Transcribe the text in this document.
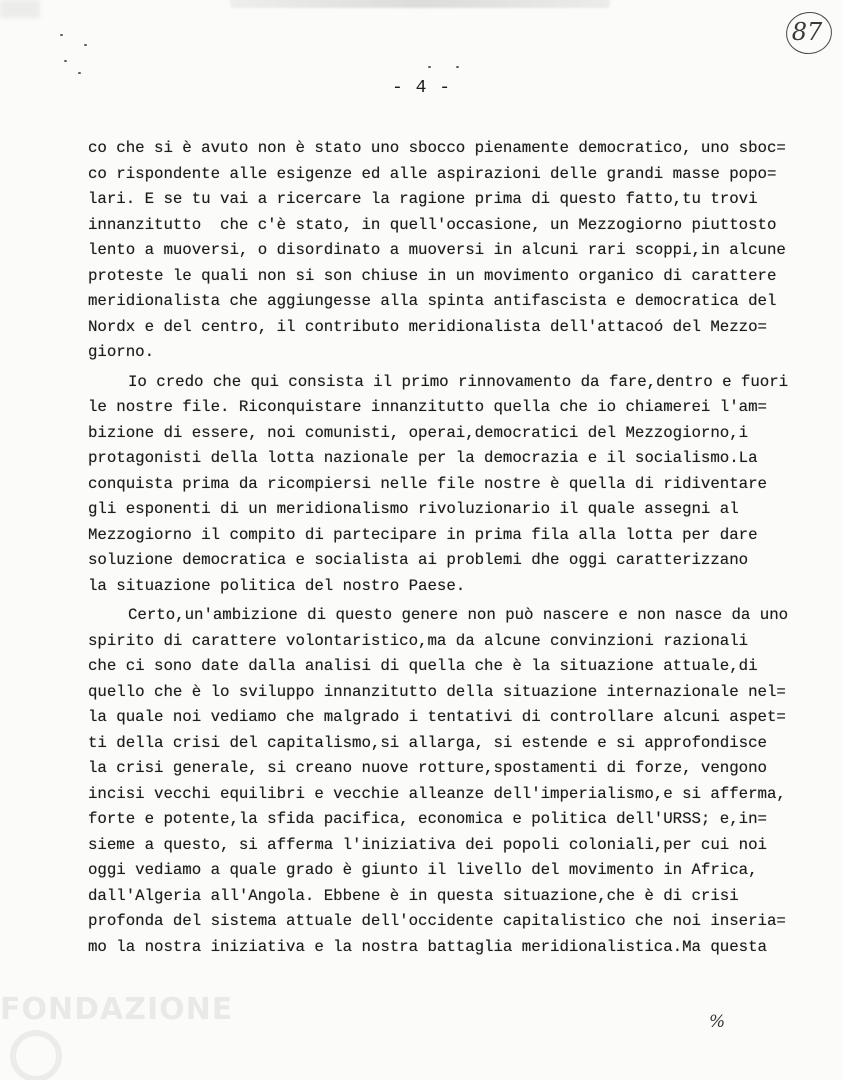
87
- 4 -
co che si è avuto non è stato uno sbocco pienamente democratico, uno sboc=
co rispondente alle esigenze ed alle aspirazioni delle grandi masse popo=
lari. E se tu vai a ricercare la ragione prima di questo fatto,tu trovi
innanzitutto  che c'è stato, in quell'occasione, un Mezzogiorno piuttosto
lento a muoversi, o disordinato a muoversi in alcuni rari scoppi,in alcune
proteste le quali non si son chiuse in un movimento organico di carattere
meridionalista che aggiungesse alla spinta antifascista e democratica del
Nordx e del centro, il contributo meridionalista dell'attacoó del Mezzo=
giorno.
Io credo che qui consista il primo rinnovamento da fare,dentro e fuori
le nostre file. Riconquistare innanzitutto quella che io chiamerei l'am=
bizione di essere, noi comunisti, operai,democratici del Mezzogiorno,i
protagonisti della lotta nazionale per la democrazia e il socialismo.La
conquista prima da ricompiersi nelle file nostre è quella di ridiventare
gli esponenti di un meridionalismo rivoluzionario il quale assegni al
Mezzogiorno il compito di partecipare in prima fila alla lotta per dare
soluzione democratica e socialista ai problemi dhe oggi caratterizzano
la situazione politica del nostro Paese.
Certo,un'ambizione di questo genere non può nascere e non nasce da uno
spirito di carattere volontaristico,ma da alcune convinzioni razionali
che ci sono date dalla analisi di quella che è la situazione attuale,di
quello che è lo sviluppo innanzitutto della situazione internazionale nel=
la quale noi vediamo che malgrado i tentativi di controllare alcuni aspet=
ti della crisi del capitalismo,si allarga, si estende e si approfondisce
la crisi generale, si creano nuove rotture,spostamenti di forze, vengono
incisi vecchi equilibri e vecchie alleanze dell'imperialismo,e si afferma,
forte e potente,la sfida pacifica, economica e politica dell'URSS; e,in=
sieme a questo, si afferma l'iniziativa dei popoli coloniali,per cui noi
oggi vediamo a quale grado è giunto il livello del movimento in Africa,
dall'Algeria all'Angola. Ebbene è in questa situazione,che è di crisi
profonda del sistema attuale dell'occidente capitalistico che noi inseria=
mo la nostra iniziativa e la nostra battaglia meridionalistica.Ma questa
%
FONDAZIONE
